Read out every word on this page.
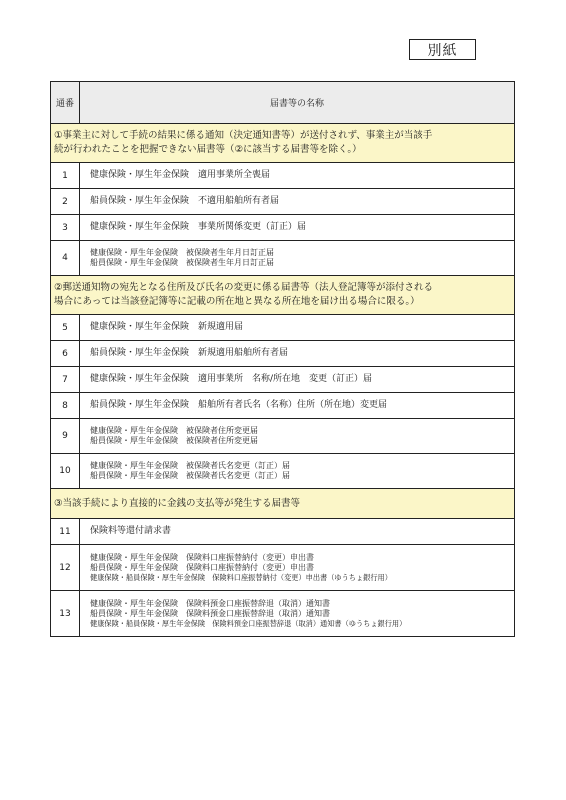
別紙
通番	届書等の名称

①事業主に対して手続の結果に係る通知（決定通知書等）が送付されず、事業主が当該手
続が行われたことを把握できない届書等（②に該当する届書等を除く。）	

1	健康保険・厚生年金保険　適用事業所全喪届

2	船員保険・厚生年金保険　不適用船舶所有者届

3	健康保険・厚生年金保険　事業所関係変更（訂正）届

4	健康保険・厚生年金保険　被保険者生年月日訂正届
船員保険・厚生年金保険　被保険者生年月日訂正届

②郵送通知物の宛先となる住所及び氏名の変更に係る届書等（法人登記簿等が添付される
場合にあっては当該登記簿等に記載の所在地と異なる所在地を届け出る場合に限る。）	

5	健康保険・厚生年金保険　新規適用届

6	船員保険・厚生年金保険　新規適用船舶所有者届

7	健康保険・厚生年金保険　適用事業所　名称/所在地　変更（訂正）届

8	船員保険・厚生年金保険　船舶所有者氏名（名称）住所（所在地）変更届

9	健康保険・厚生年金保険　被保険者住所変更届
船員保険・厚生年金保険　被保険者住所変更届

10	健康保険・厚生年金保険　被保険者氏名変更（訂正）届
船員保険・厚生年金保険　被保険者氏名変更（訂正）届

③当該手続により直接的に金銭の支払等が発生する届書等	

11	保険料等還付請求書

12	健康保険・厚生年金保険　保険料口座振替納付（変更）申出書
船員保険・厚生年金保険　保険料口座振替納付（変更）申出書
健康保険・船員保険・厚生年金保険　保険料口座振替納付（変更）申出書（ゆうちょ銀行用）

13	健康保険・厚生年金保険　保険料預金口座振替辞退（取消）通知書
船員保険・厚生年金保険　保険料預金口座振替辞退（取消）通知書
健康保険・船員保険・厚生年金保険　保険料預金口座振替辞退（取消）通知書（ゆうちょ銀行用）
